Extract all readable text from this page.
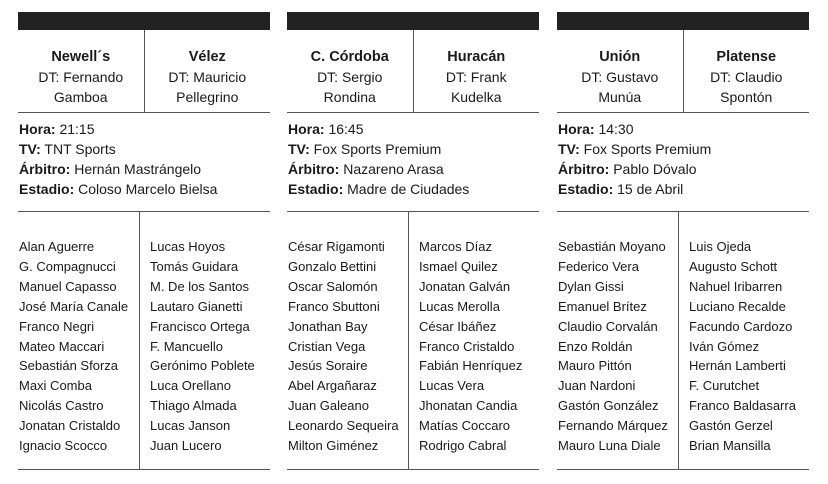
Newell´s
DT: Fernando
Gamboa
Vélez
DT: Mauricio
Pellegrino
Hora: 21:15
TV: TNT Sports
Árbitro: Hernán Mastrángelo
Estadio: Coloso Marcelo Bielsa
Alan Aguerre
G. Compagnucci
Manuel Capasso
José María Canale
Franco Negri
Mateo Maccari
Sebastián Sforza
Maxi Comba
Nicolás Castro
Jonatan Cristaldo
Ignacio Scocco
Lucas Hoyos
Tomás Guidara
M. De los Santos
Lautaro Gianetti
Francisco Ortega
F. Mancuello
Gerónimo Poblete
Luca Orellano
Thiago Almada
Lucas Janson
Juan Lucero
C. Córdoba
DT: Sergio
Rondina
Huracán
DT: Frank
Kudelka
Hora: 16:45
TV: Fox Sports Premium
Árbitro: Nazareno Arasa
Estadio: Madre de Ciudades
César Rigamonti
Gonzalo Bettini
Oscar Salomón
Franco Sbuttoni
Jonathan Bay
Cristian Vega
Jesús Soraire
Abel Argañaraz
Juan Galeano
Leonardo Sequeira
Milton Giménez
Marcos Díaz
Ismael Quilez
Jonatan Galván
Lucas Merolla
César Ibáñez
Franco Cristaldo
Fabián Henríquez
Lucas Vera
Jhonatan Candia
Matías Coccaro
Rodrigo Cabral
Unión
DT: Gustavo
Munúa
Platense
DT: Claudio
Spontón
Hora: 14:30
TV: Fox Sports Premium
Árbitro: Pablo Dóvalo
Estadio: 15 de Abril
Sebastián Moyano
Federico Vera
Dylan Gissi
Emanuel Brítez
Claudio Corvalán
Enzo Roldán
Mauro Pittón
Juan Nardoni
Gastón González
Fernando Márquez
Mauro Luna Diale
Luis Ojeda
Augusto Schott
Nahuel Iribarren
Luciano Recalde
Facundo Cardozo
Iván Gómez
Hernán Lamberti
F. Curutchet
Franco Baldasarra
Gastón Gerzel
Brian Mansilla
